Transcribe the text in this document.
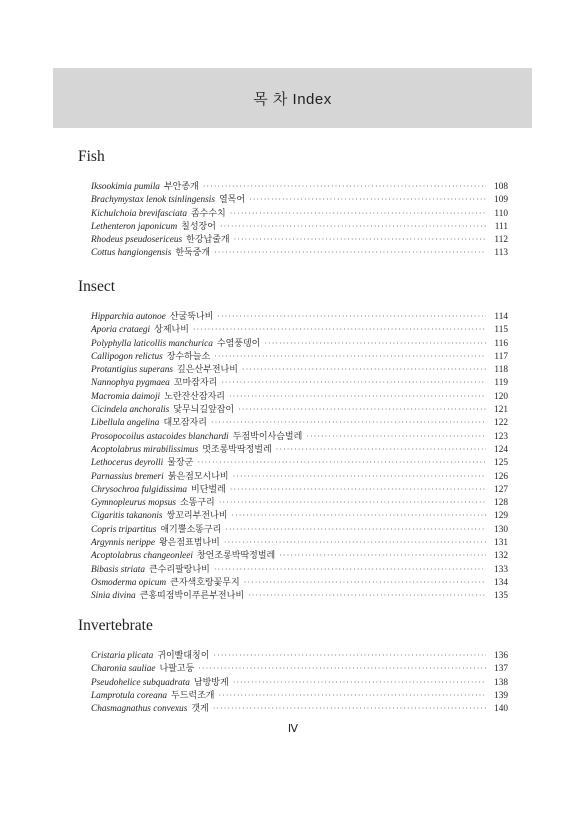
목 차 Index
Fish
Iksookimia pumila 부안종개 ·····	108
Brachymystax lenok tsinlingensis 열목어 ·····	109
Kichulchoia brevifasciata 좀수수치 ·····	110
Lethenteron japonicum 칠성장어 ·····	111
Rhodeus pseudosericeus 한강납줄개 ·····	112
Cottus hangiongensis 한둑중개 ·····	113
Insect
Hipparchia autonoe 산굴뚝나비 ·····	114
Aporia crataegi 상제나비 ·····	115
Polyphylla laticollis manchurica 수염풍뎅이 ·····	116
Callipogon relictus 장수하늘소 ·····	117
Protantigius superans 깊은산부전나비 ·····	118
Nannophya pygmaea 꼬마잠자리 ·····	119
Macromia daimoji 노란잔산잠자리 ·····	120
Cicindela anchoralis 닻무늬길앞잡이 ·····	121
Libellula angelina 대모잠자리 ·····	122
Prosopocoilus astacoides blanchardi 두점박이사슴벌레 ·····	123
Acoptolabrus mirabilissimus 멋조롱박딱정벌레 ·····	124
Lethocerus deyrolli 물장군 ·····	125
Parnassius bremeri 붉은점모시나비 ·····	126
Chrysochroa fulgidissima 비단벌레 ·····	127
Gymnopleurus mopsus 소똥구리 ·····	128
Cigaritis takanonis 쌍꼬리부전나비 ·····	129
Copris tripartitus 애기뿔소똥구리 ·····	130
Argynnis nerippe 왕은점표범나비 ·····	131
Acoptolabrus changeonleei 창언조롱박딱정벌레 ·····	132
Bibasis striata 큰수리팔랑나비 ·····	133
Osmoderma opicum 큰자색호랑꽃무지 ·····	134
Sinia divina 큰홍띠점박이푸른부전나비 ·····	135
Invertebrate
Cristaria plicata 귀이빨대칭이 ·····	136
Charonia sauliae 나팔고둥 ·····	137
Pseudohelice subquadrata 남방방게 ·····	138
Lamprotula coreana 두드럭조개 ·····	139
Chasmagnathus convexus 갯게 ·····	140
Ⅳ
